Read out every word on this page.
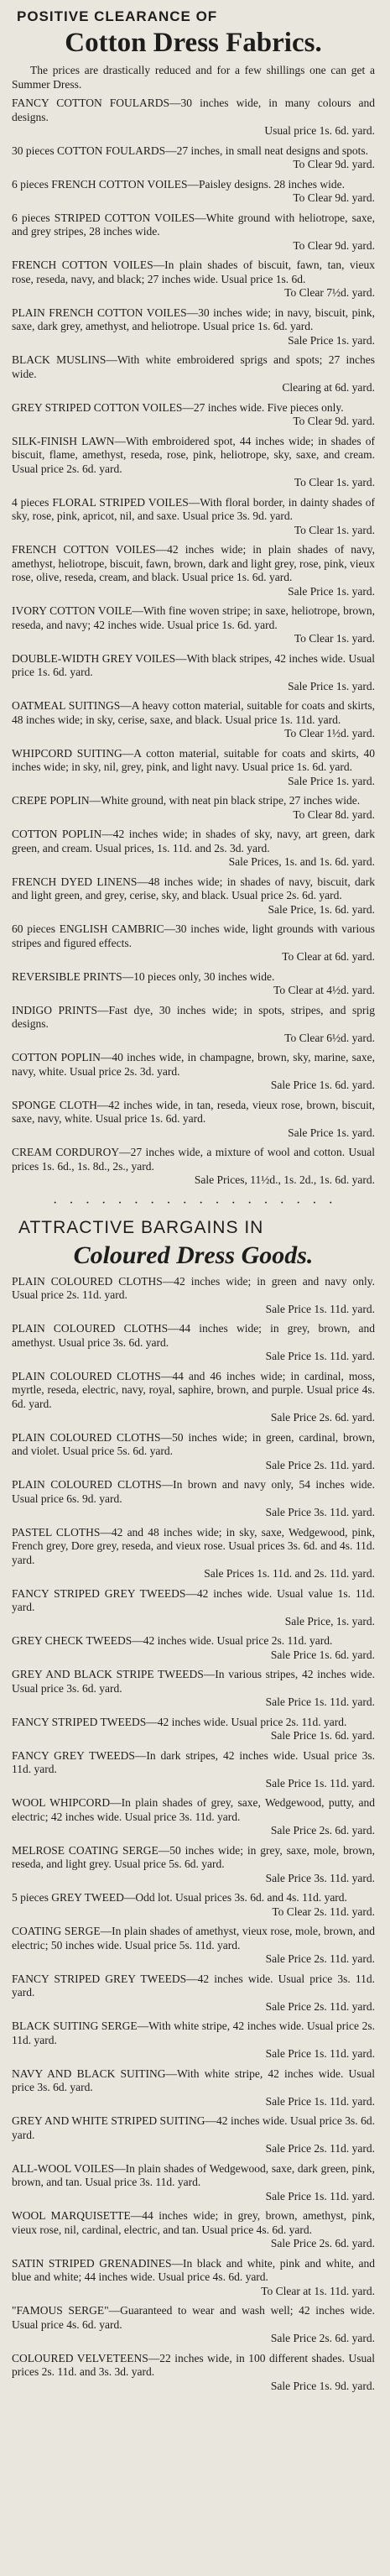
POSITIVE CLEARANCE OF
Cotton Dress Fabrics.
The prices are drastically reduced and for a few shillings one can get a Summer Dress.

FANCY COTTON FOULARDS—30 inches wide, in many colours and designs.
Usual price 1s. 6d. yard.

30 pieces COTTON FOULARDS—27 inches, in small neat designs and spots.
To Clear 9d. yard.

6 pieces FRENCH COTTON VOILES—Paisley designs. 28 inches wide.
To Clear 9d. yard.

6 pieces STRIPED COTTON VOILES—White ground with heliotrope, saxe, and grey stripes, 28 inches wide.
To Clear 9d. yard.

FRENCH COTTON VOILES—In plain shades of biscuit, fawn, tan, vieux rose, reseda, navy, and black; 27 inches wide. Usual price 1s. 6d.
To Clear 7½d. yard.

PLAIN FRENCH COTTON VOILES—30 inches wide; in navy, biscuit, pink, saxe, dark grey, amethyst, and heliotrope. Usual price 1s. 6d. yard.
Sale Price 1s. yard.

BLACK MUSLINS—With white embroidered sprigs and spots; 27 inches wide.
Clearing at 6d. yard.

GREY STRIPED COTTON VOILES—27 inches wide. Five pieces only.
To Clear 9d. yard.

SILK-FINISH LAWN—With embroidered spot, 44 inches wide; in shades of biscuit, flame, amethyst, reseda, rose, pink, heliotrope, sky, saxe, and cream. Usual price 2s. 6d. yard.
To Clear 1s. yard.

4 pieces FLORAL STRIPED VOILES—With floral border, in dainty shades of sky, rose, pink, apricot, nil, and saxe. Usual price 3s. 9d. yard.
To Clear 1s. yard.

FRENCH COTTON VOILES—42 inches wide; in plain shades of navy, amethyst, heliotrope, biscuit, fawn, brown, dark and light grey, rose, pink, vieux rose, olive, reseda, cream, and black. Usual price 1s. 6d. yard.
Sale Price 1s. yard.

IVORY COTTON VOILE—With fine woven stripe; in saxe, heliotrope, brown, reseda, and navy; 42 inches wide. Usual price 1s. 6d. yard.
To Clear 1s. yard.

DOUBLE-WIDTH GREY VOILES—With black stripes, 42 inches wide. Usual price 1s. 6d. yard.
Sale Price 1s. yard.

OATMEAL SUITINGS—A heavy cotton material, suitable for coats and skirts, 48 inches wide; in sky, cerise, saxe, and black. Usual price 1s. 11d. yard.
To Clear 1½d. yard.

WHIPCORD SUITING—A cotton material, suitable for coats and skirts, 40 inches wide; in sky, nil, grey, pink, and light navy. Usual price 1s. 6d. yard.
Sale Price 1s. yard.

CREPE POPLIN—White ground, with neat pin black stripe, 27 inches wide.
To Clear 8d. yard.

COTTON POPLIN—42 inches wide; in shades of sky, navy, art green, dark green, and cream. Usual prices, 1s. 11d. and 2s. 3d. yard.
Sale Prices, 1s. and 1s. 6d. yard.

FRENCH DYED LINENS—48 inches wide; in shades of navy, biscuit, dark and light green, and grey, cerise, sky, and black. Usual price 2s. 6d. yard.
Sale Price, 1s. 6d. yard.

60 pieces ENGLISH CAMBRIC—30 inches wide, light grounds with various stripes and figured effects.
To Clear at 6d. yard.

REVERSIBLE PRINTS—10 pieces only, 30 inches wide.
To Clear at 4½d. yard.

INDIGO PRINTS—Fast dye, 30 inches wide; in spots, stripes, and sprig designs.
To Clear 6½d. yard.

COTTON POPLIN—40 inches wide, in champagne, brown, sky, marine, saxe, navy, white. Usual price 2s. 3d. yard.
Sale Price 1s. 6d. yard.

SPONGE CLOTH—42 inches wide, in tan, reseda, vieux rose, brown, biscuit, saxe, navy, white. Usual price 1s. 6d. yard.
Sale Price 1s. yard.

CREAM CORDUROY—27 inches wide, a mixture of wool and cotton. Usual prices 1s. 6d., 1s. 8d., 2s., yard.
Sale Prices, 11½d., 1s. 2d., 1s. 6d. yard.

· · · · · · · · · · · · · · · · · ·
ATTRACTIVE BARGAINS IN
Coloured Dress Goods.

PLAIN COLOURED CLOTHS—42 inches wide; in green and navy only. Usual price 2s. 11d. yard.
Sale Price 1s. 11d. yard.

PLAIN COLOURED CLOTHS—44 inches wide; in grey, brown, and amethyst. Usual price 3s. 6d. yard.
Sale Price 1s. 11d. yard.

PLAIN COLOURED CLOTHS—44 and 46 inches wide; in cardinal, moss, myrtle, reseda, electric, navy, royal, saphire, brown, and purple. Usual price 4s. 6d. yard.
Sale Price 2s. 6d. yard.

PLAIN COLOURED CLOTHS—50 inches wide; in green, cardinal, brown, and violet. Usual price 5s. 6d. yard.
Sale Price 2s. 11d. yard.

PLAIN COLOURED CLOTHS—In brown and navy only, 54 inches wide. Usual price 6s. 9d. yard.
Sale Price 3s. 11d. yard.

PASTEL CLOTHS—42 and 48 inches wide; in sky, saxe, Wedgewood, pink, French grey, Dore grey, reseda, and vieux rose. Usual prices 3s. 6d. and 4s. 11d. yard.
Sale Prices 1s. 11d. and 2s. 11d. yard.

FANCY STRIPED GREY TWEEDS—42 inches wide. Usual value 1s. 11d. yard.
Sale Price, 1s. yard.

GREY CHECK TWEEDS—42 inches wide. Usual price 2s. 11d. yard.
Sale Price 1s. 6d. yard.

GREY AND BLACK STRIPE TWEEDS—In various stripes, 42 inches wide. Usual price 3s. 6d. yard.
Sale Price 1s. 11d. yard.

FANCY STRIPED TWEEDS—42 inches wide. Usual price 2s. 11d. yard.
Sale Price 1s. 6d. yard.

FANCY GREY TWEEDS—In dark stripes, 42 inches wide. Usual price 3s. 11d. yard.
Sale Price 1s. 11d. yard.

WOOL WHIPCORD—In plain shades of grey, saxe, Wedgewood, putty, and electric; 42 inches wide. Usual price 3s. 11d. yard.
Sale Price 2s. 6d. yard.

MELROSE COATING SERGE—50 inches wide; in grey, saxe, mole, brown, reseda, and light grey. Usual price 5s. 6d. yard.
Sale Price 3s. 11d. yard.

5 pieces GREY TWEED—Odd lot. Usual prices 3s. 6d. and 4s. 11d. yard.
To Clear 2s. 11d. yard.

COATING SERGE—In plain shades of amethyst, vieux rose, mole, brown, and electric; 50 inches wide. Usual price 5s. 11d. yard.
Sale Price 2s. 11d. yard.

FANCY STRIPED GREY TWEEDS—42 inches wide. Usual price 3s. 11d. yard.
Sale Price 2s. 11d. yard.

BLACK SUITING SERGE—With white stripe, 42 inches wide. Usual price 2s. 11d. yard.
Sale Price 1s. 11d. yard.

NAVY AND BLACK SUITING—With white stripe, 42 inches wide. Usual price 3s. 6d. yard.
Sale Price 1s. 11d. yard.

GREY AND WHITE STRIPED SUITING—42 inches wide. Usual price 3s. 6d. yard.
Sale Price 2s. 11d. yard.

ALL-WOOL VOILES—In plain shades of Wedgewood, saxe, dark green, pink, brown, and tan. Usual price 3s. 11d. yard.
Sale Price 1s. 11d. yard.

WOOL MARQUISETTE—44 inches wide; in grey, brown, amethyst, pink, vieux rose, nil, cardinal, electric, and tan. Usual price 4s. 6d. yard.
Sale Price 2s. 6d. yard.

SATIN STRIPED GRENADINES—In black and white, pink and white, and blue and white; 44 inches wide. Usual price 4s. 6d. yard.
To Clear at 1s. 11d. yard.

"FAMOUS SERGE"—Guaranteed to wear and wash well; 42 inches wide. Usual price 4s. 6d. yard.
Sale Price 2s. 6d. yard.

COLOURED VELVETEENS—22 inches wide, in 100 different shades. Usual prices 2s. 11d. and 3s. 3d. yard.
Sale Price 1s. 9d. yard.
